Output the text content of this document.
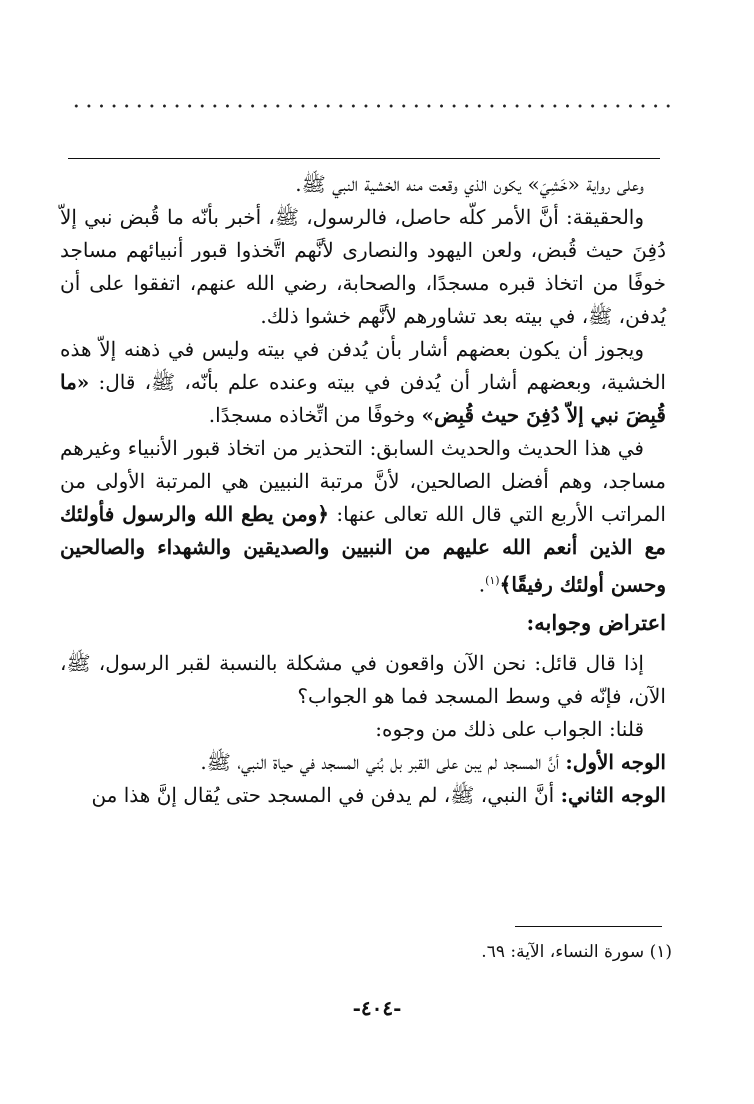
وعلى رواية «خَشِيَ» يكون الذي وقعت منه الخشية النبي ﷺ.

والحقيقة: أنَّ الأمر كلّه حاصل، فالرسول، ﷺ، أخبر بأنّه ما قُبض نبي إلاّ دُفِنَ حيث قُبض، ولعن اليهود والنصارى لأنَّهم اتَّخذوا قبور أنبيائهم مساجد خوفًا من اتخاذ قبره مسجدًا، والصحابة، رضي الله عنهم، اتفقوا على أن يُدفن، ﷺ، في بيته بعد تشاورهم لأنَّهم خشوا ذلك.

ويجوز أن يكون بعضهم أشار بأن يُدفن في بيته وليس في ذهنه إلاّ هذه الخشية، وبعضهم أشار أن يُدفن في بيته وعنده علم بأنّه، ﷺ، قال: «ما قُبِضَ نبي إلاّ دُفِنَ حيث قُبِض» وخوفًا من اتِّخاذه مسجدًا.

في هذا الحديث والحديث السابق: التحذير من اتخاذ قبور الأنبياء وغيرهم مساجد، وهم أفضل الصالحين، لأنَّ مرتبة النبيين هي المرتبة الأولى من المراتب الأربع التي قال الله تعالى عنها: ﴿ومن يطع الله والرسول فأولئك مع الذين أنعم الله عليهم من النبيين والصديقين والشهداء والصالحين وحسن أولئك رفيقًا﴾$^{(١)}$.

اعتراض وجوابه:

إذا قال قائل: نحن الآن واقعون في مشكلة بالنسبة لقبر الرسول، ﷺ، الآن، فإنّه في وسط المسجد فما هو الجواب؟

قلنا: الجواب على ذلك من وجوه:

الوجه الأول: أنَّ المسجد لم يبن على القبر بل بُني المسجد في حياة النبي، ﷺ.

الوجه الثاني: أنَّ النبي، ﷺ، لم يدفن في المسجد حتى يُقال إنَّ هذا من

(١) سورة النساء، الآية: ٦٩.

-٤٠٤-
